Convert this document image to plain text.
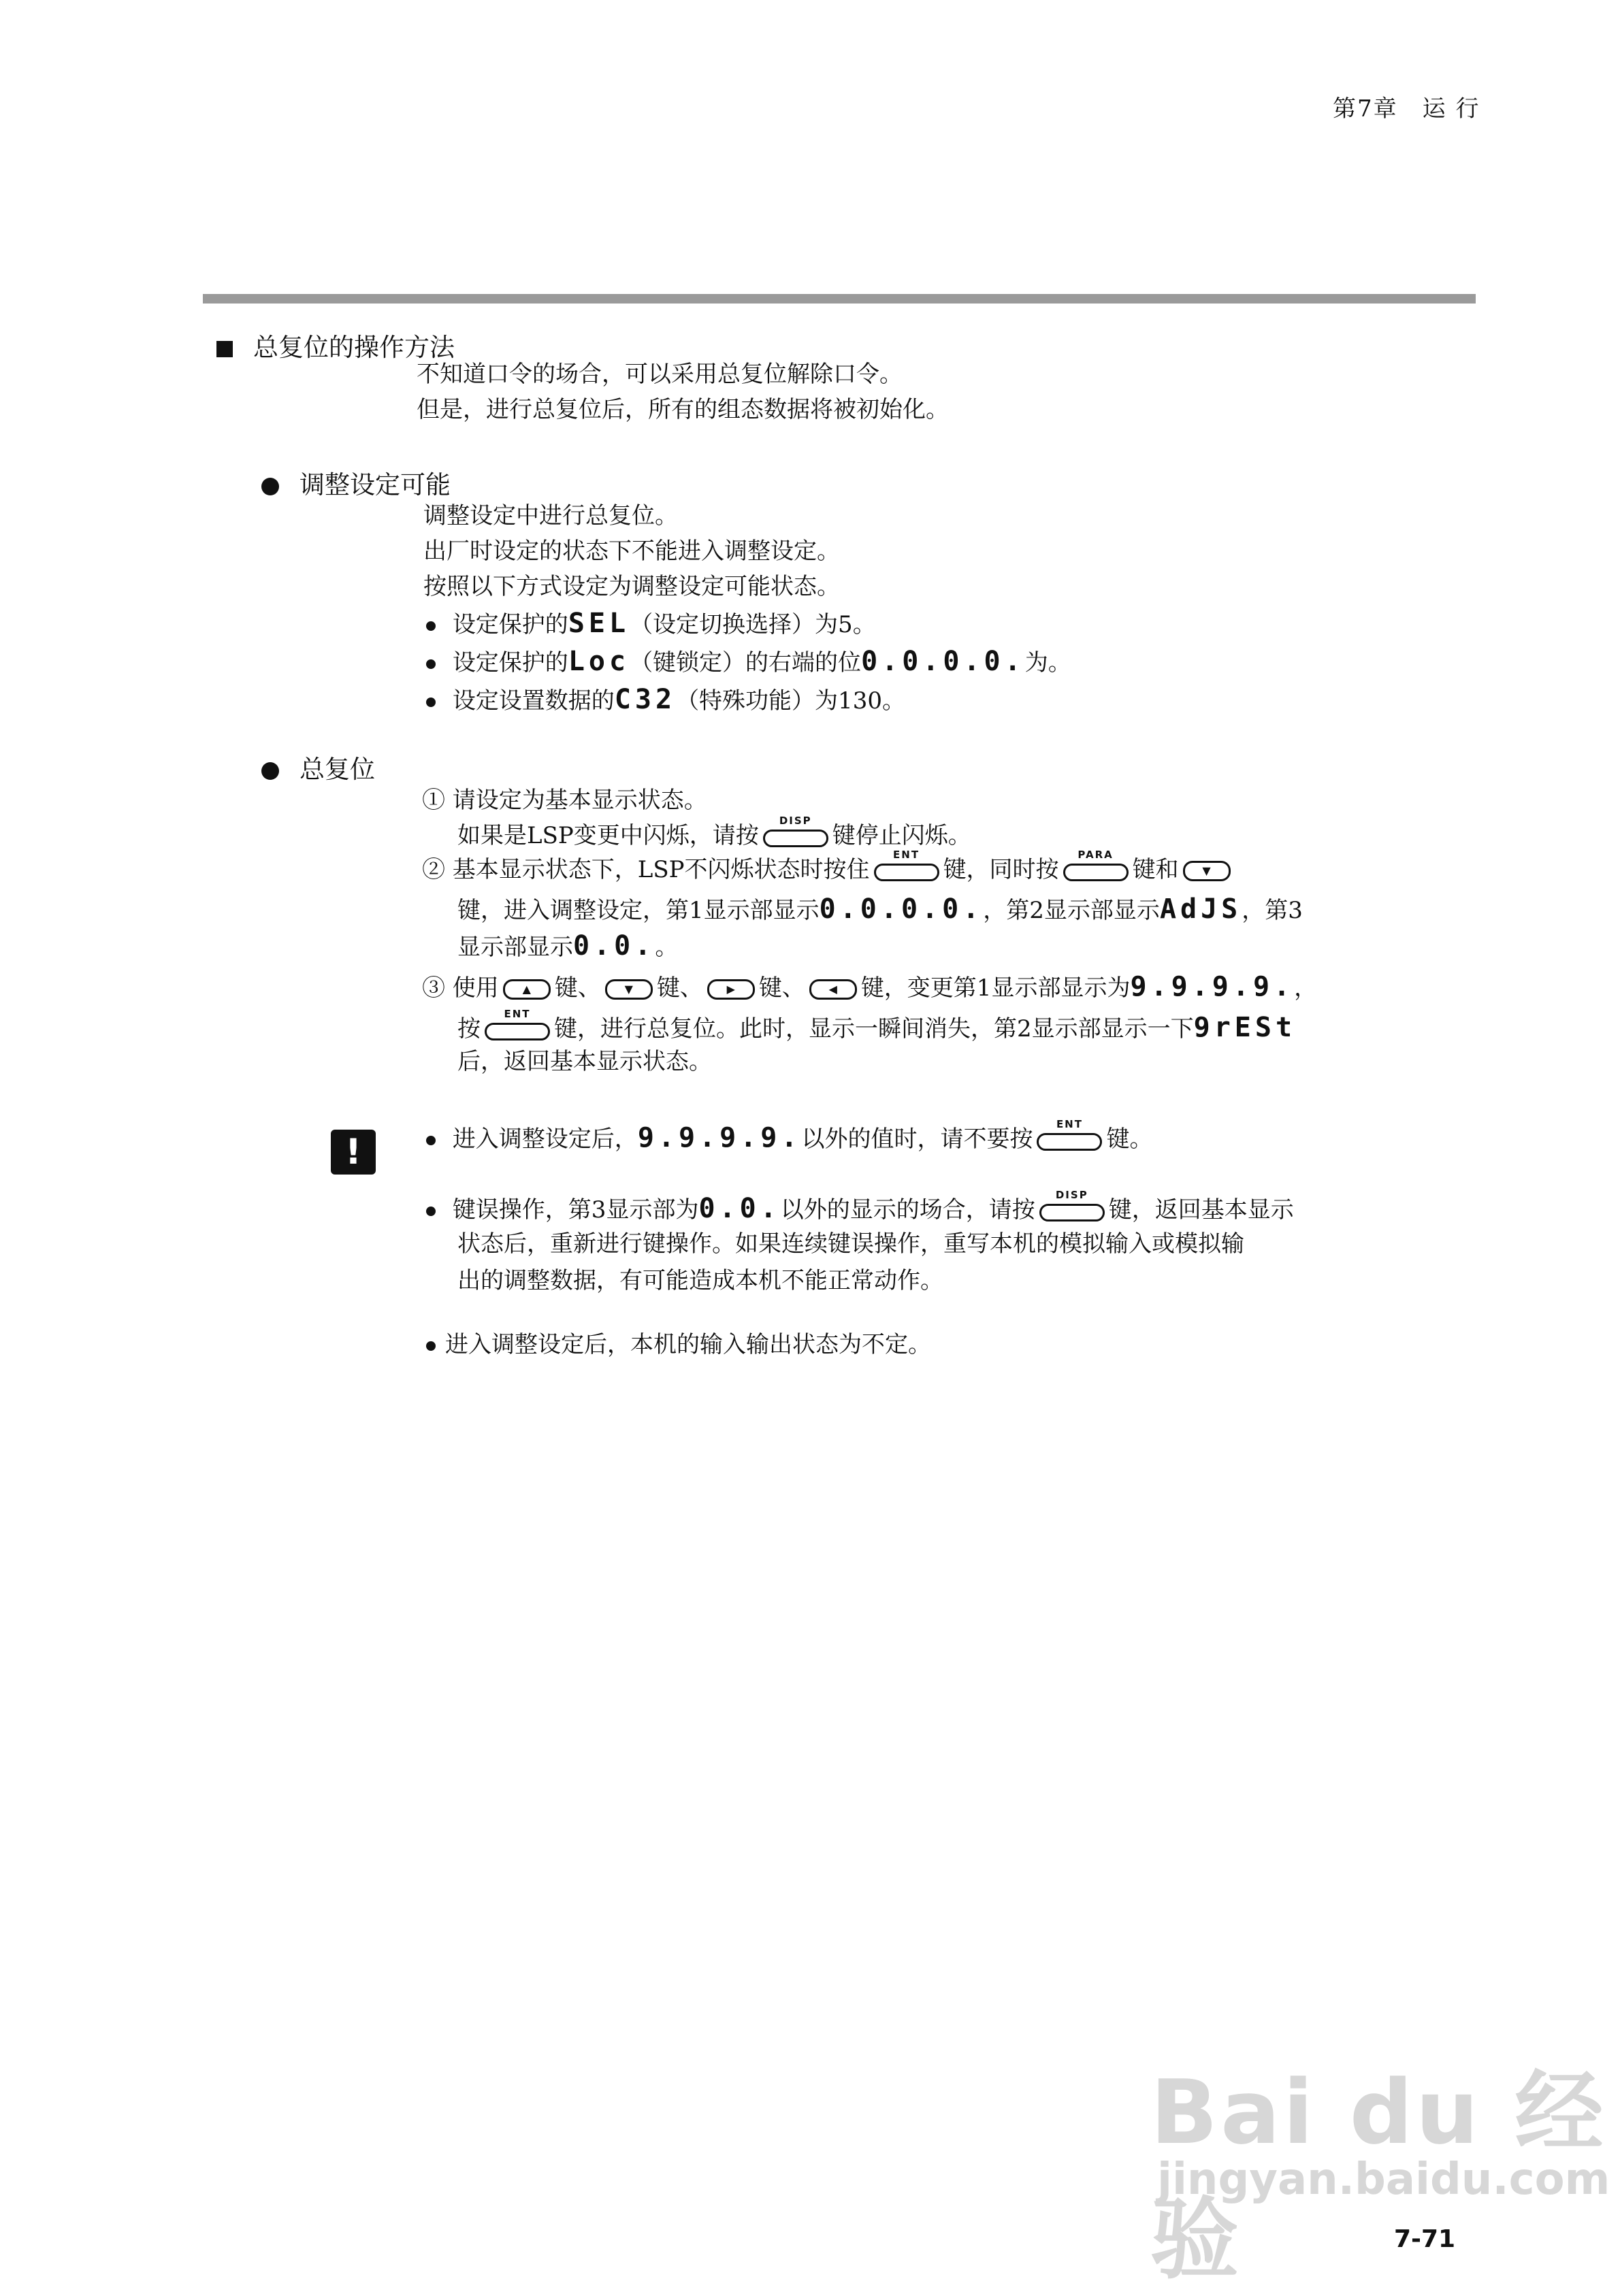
第7章　运 行
总复位的操作方法
不知道口令的场合，可以采用总复位解除口令。
但是，进行总复位后，所有的组态数据将被初始化。
调整设定可能
调整设定中进行总复位。
出厂时设定的状态下不能进入调整设定。
按照以下方式设定为调整设定可能状态。
设定保护的SEL（设定切换选择）为5。
设定保护的Loc（键锁定）的右端的位0.0.0.0.为。
设定设置数据的C32（特殊功能）为130。
总复位
① 请设定为基本显示状态。
如果是LSP变更中闪烁，请按
DISP
键停止闪烁。
② 基本显示状态下，LSP不闪烁状态时按住
ENT
键，同时按
PARA
键和 ▼
键，进入调整设定，第1显示部显示0.0.0.0.，第2显示部显示AdJS，第3
显示部显示0.0.。
③ 使用 ▲ 键、 ▼ 键、 ▶ 键、 ◀ 键，变更第1显示部显示为9.9.9.9.，
按
ENT
键，进行总复位。此时，显示一瞬间消失，第2显示部显示一下9rESt
后，返回基本显示状态。
!	进入调整设定后，9.9.9.9.以外的值时，请不要按
ENT
键。
键误操作，第3显示部为0.0.以外的显示的场合，请按
DISP
键，返回基本显示
状态后，重新进行键操作。如果连续键误操作，重写本机的模拟输入或模拟输
出的调整数据，有可能造成本机不能正常动作。
进入调整设定后，本机的输入输出状态为不定。
Bai du 经验
jingyan.baidu.com
7-71
